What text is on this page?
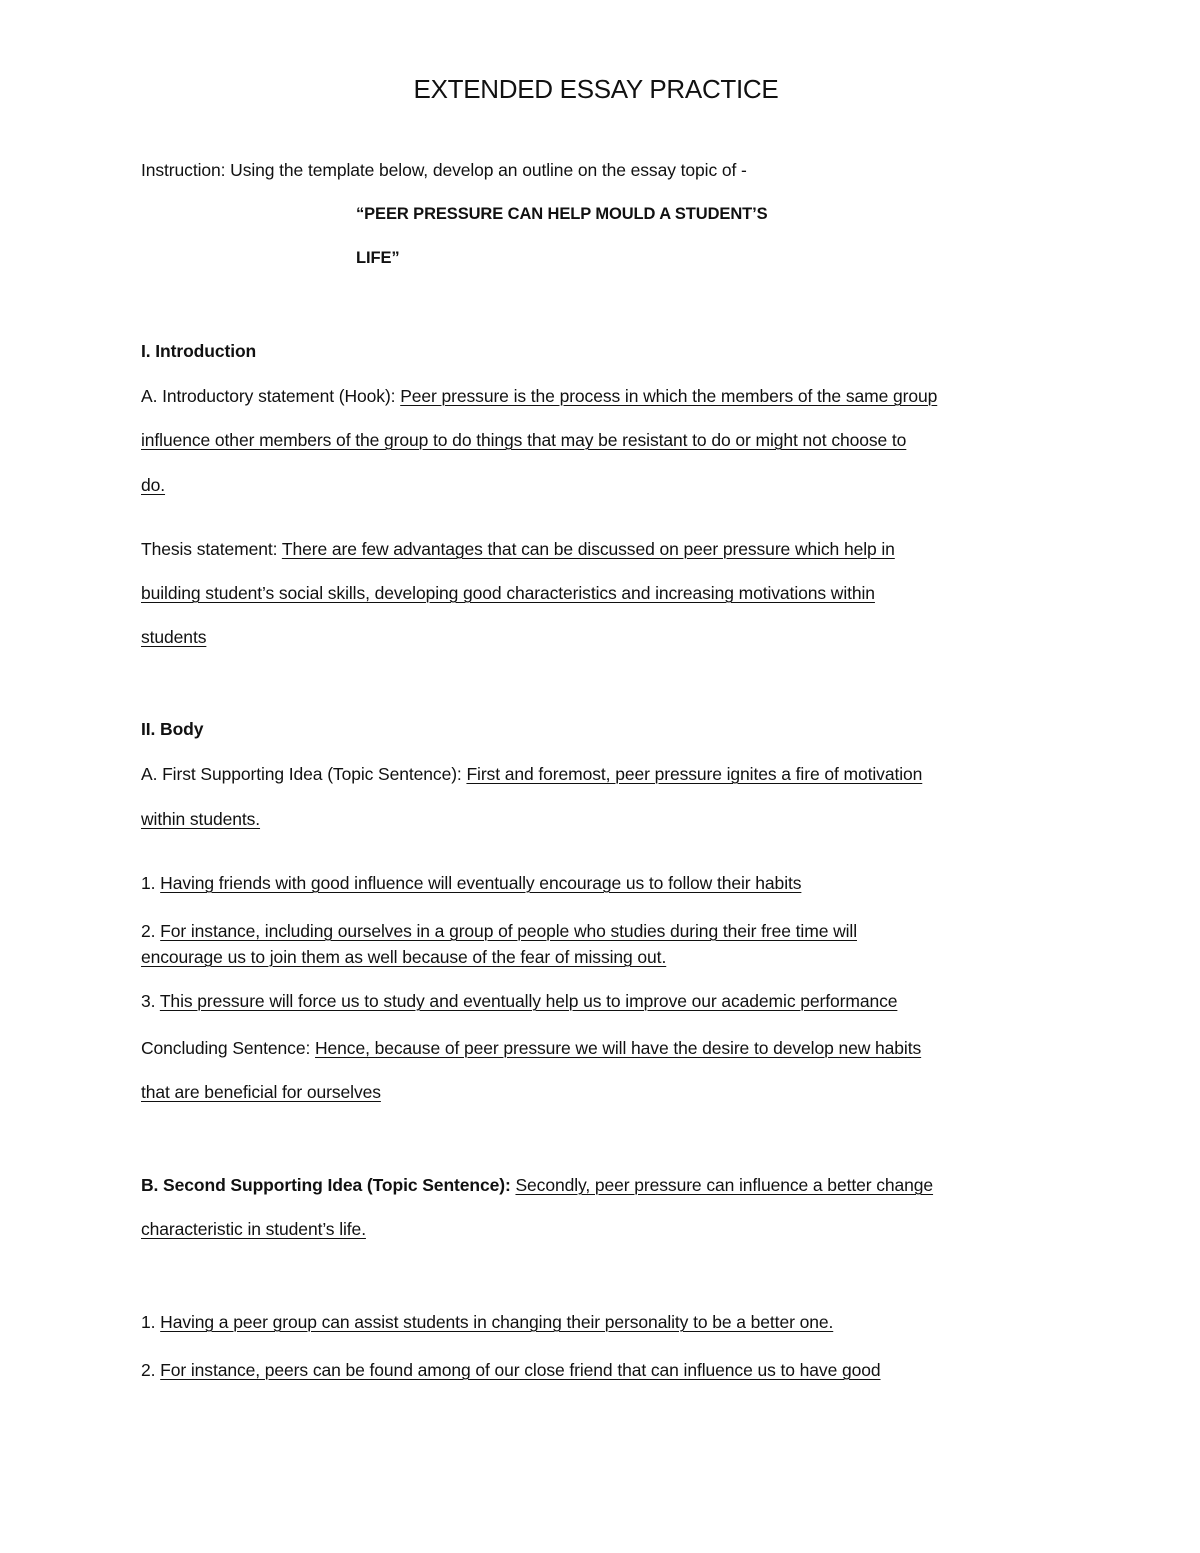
EXTENDED ESSAY PRACTICE
Instruction: Using the template below, develop an outline on the essay topic of -
“PEER PRESSURE CAN HELP MOULD A STUDENT’S
LIFE”
I. Introduction
A. Introductory statement (Hook): Peer pressure is the process in which the members of the same group
influence other members of the group to do things that may be resistant to do or might not choose to
do.
Thesis statement: There are few advantages that can be discussed on peer pressure which help in
building student’s social skills, developing good characteristics and increasing motivations within
students
II. Body
A. First Supporting Idea (Topic Sentence): First and foremost, peer pressure ignites a fire of motivation
within students.
1. Having friends with good influence will eventually encourage us to follow their habits
2. For instance, including ourselves in a group of people who studies during their free time will
encourage us to join them as well because of the fear of missing out.
3. This pressure will force us to study and eventually help us to improve our academic performance
Concluding Sentence: Hence, because of peer pressure we will have the desire to develop new habits
that are beneficial for ourselves
B. Second Supporting Idea (Topic Sentence): Secondly, peer pressure can influence a better change
characteristic in student’s life.
1. Having a peer group can assist students in changing their personality to be a better one.
2. For instance, peers can be found among of our close friend that can influence us to have good
